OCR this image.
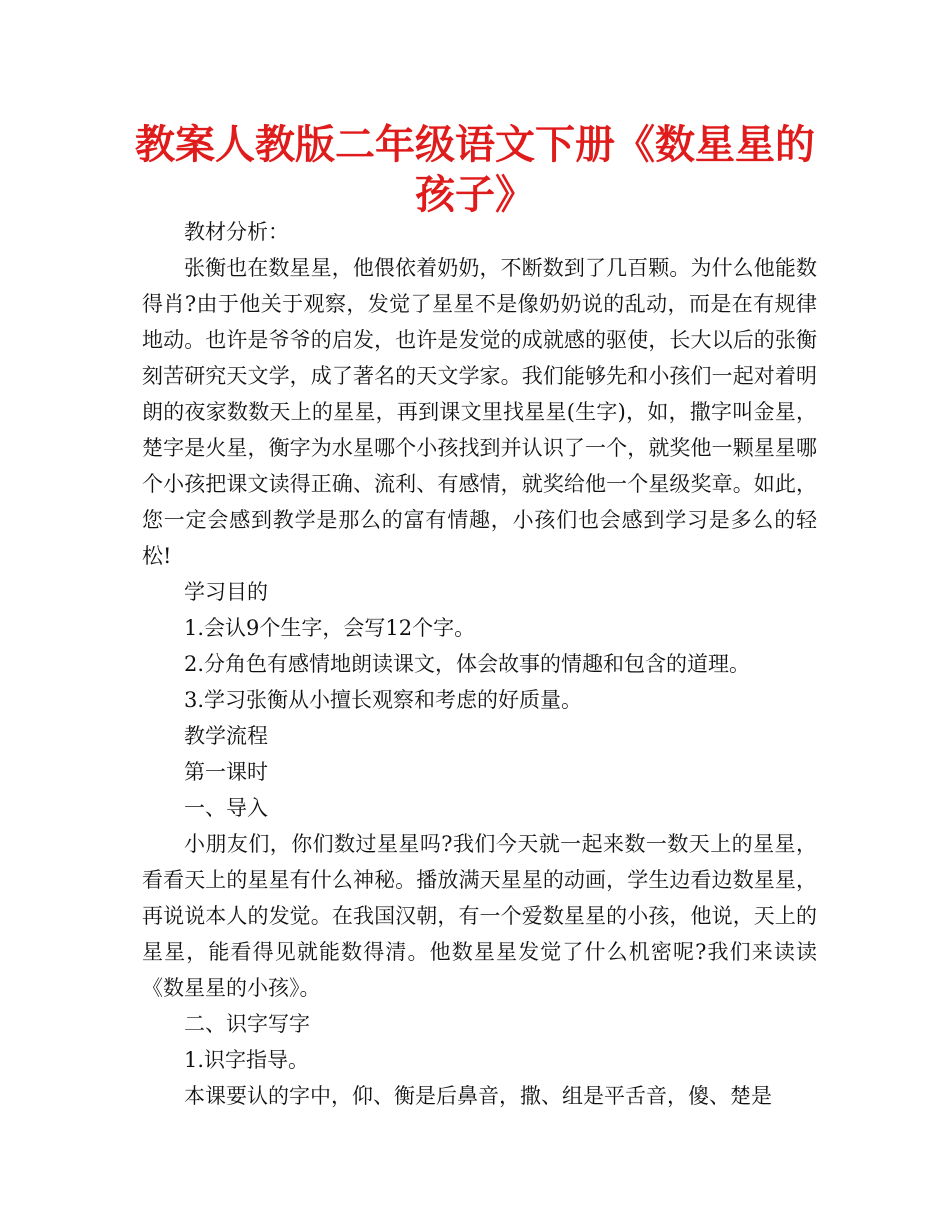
教案人教版二年级语文下册《数星星的孩子》

教材分析：

张衡也在数星星，他偎依着奶奶，不断数到了几百颗。为什么他能数得肖?由于他关于观察，发觉了星星不是像奶奶说的乱动，而是在有规律地动。也许是爷爷的启发，也许是发觉的成就感的驱使，长大以后的张衡刻苦研究天文学，成了著名的天文学家。我们能够先和小孩们一起对着明朗的夜家数数天上的星星，再到课文里找星星(生字)，如，撒字叫金星，楚字是火星，衡字为水星哪个小孩找到并认识了一个，就奖他一颗星星哪个小孩把课文读得正确、流利、有感情，就奖给他一个星级奖章。如此，您一定会感到教学是那么的富有情趣，小孩们也会感到学习是多么的轻松!

学习目的

1.会认9个生字，会写12个字。

2.分角色有感情地朗读课文，体会故事的情趣和包含的道理。

3.学习张衡从小擅长观察和考虑的好质量。

教学流程

第一课时

一、导入

小朋友们，你们数过星星吗?我们今天就一起来数一数天上的星星，看看天上的星星有什么神秘。播放满天星星的动画，学生边看边数星星，再说说本人的发觉。在我国汉朝，有一个爱数星星的小孩，他说，天上的星星，能看得见就能数得清。他数星星发觉了什么机密呢?我们来读读《数星星的小孩》。

二、识字写字

1.识字指导。

本课要认的字中，仰、衡是后鼻音，撒、组是平舌音，傻、楚是
